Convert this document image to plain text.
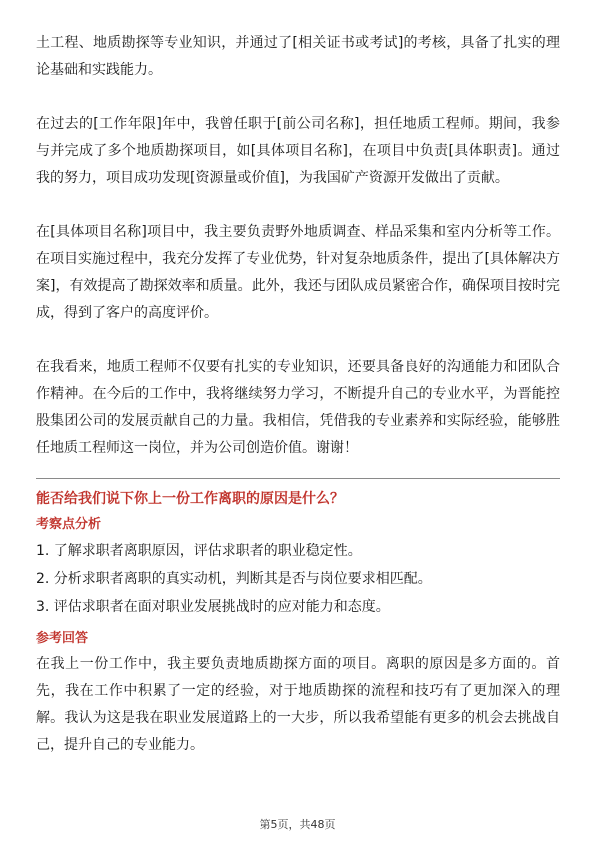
土工程、地质勘探等专业知识，并通过了[相关证书或考试]的考核，具备了扎实的理论基础和实践能力。

在过去的[工作年限]年中，我曾任职于[前公司名称]，担任地质工程师。期间，我参与并完成了多个地质勘探项目，如[具体项目名称]，在项目中负责[具体职责]。通过我的努力，项目成功发现[资源量或价值]，为我国矿产资源开发做出了贡献。

在[具体项目名称]项目中，我主要负责野外地质调查、样品采集和室内分析等工作。在项目实施过程中，我充分发挥了专业优势，针对复杂地质条件，提出了[具体解决方案]，有效提高了勘探效率和质量。此外，我还与团队成员紧密合作，确保项目按时完成，得到了客户的高度评价。

在我看来，地质工程师不仅要有扎实的专业知识，还要具备良好的沟通能力和团队合作精神。在今后的工作中，我将继续努力学习，不断提升自己的专业水平，为晋能控股集团公司的发展贡献自己的力量。我相信，凭借我的专业素养和实际经验，能够胜任地质工程师这一岗位，并为公司创造价值。谢谢！

能否给我们说下你上一份工作离职的原因是什么？

考察点分析

1. 了解求职者离职原因，评估求职者的职业稳定性。
2. 分析求职者离职的真实动机，判断其是否与岗位要求相匹配。
3. 评估求职者在面对职业发展挑战时的应对能力和态度。

参考回答

在我上一份工作中，我主要负责地质勘探方面的项目。离职的原因是多方面的。首先，我在工作中积累了一定的经验，对于地质勘探的流程和技巧有了更加深入的理解。我认为这是我在职业发展道路上的一大步，所以我希望能有更多的机会去挑战自己，提升自己的专业能力。

第5页，共48页
